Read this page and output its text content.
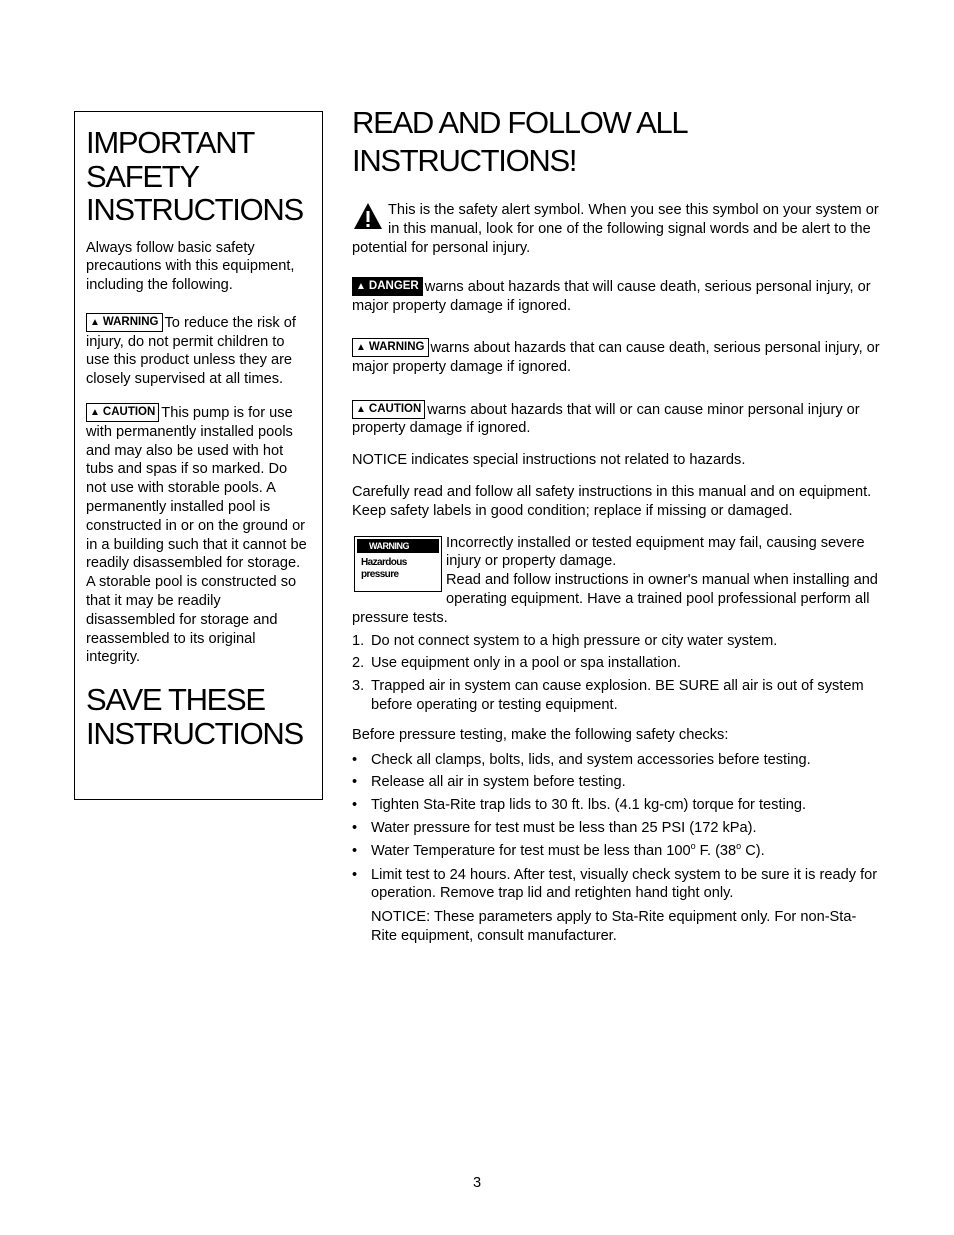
IMPORTANT
SAFETY
INSTRUCTIONS

Always follow basic safety precautions with this equipment, including the following.

▲ WARNING To reduce the risk of injury, do not permit children to use this product unless they are closely supervised at all times.

▲ CAUTION This pump is for use with permanently installed pools and may also be used with hot tubs and spas if so marked. Do not use with storable pools. A permanently installed pool is constructed in or on the ground or in a building such that it cannot be readily disassembled for storage. A storable pool is constructed so that it may be readily disassembled for storage and reassembled to its original integrity.

SAVE THESE
INSTRUCTIONS
READ AND FOLLOW ALL
INSTRUCTIONS!

This is the safety alert symbol. When you see this symbol on your system or in this manual, look for one of the following signal words and be alert to the potential for personal injury.

▲ DANGER warns about hazards that will cause death, serious personal injury, or major property damage if ignored.

▲ WARNING warns about hazards that can cause death, serious personal injury, or major property damage if ignored.

▲ CAUTION warns about hazards that will or can cause minor personal injury or property damage if ignored.

NOTICE indicates special instructions not related to hazards.

Carefully read and follow all safety instructions in this manual and on equipment. Keep safety labels in good condition; replace if missing or damaged.

WARNING
Hazardous pressure

Incorrectly installed or tested equipment may fail, causing severe injury or property damage.
Read and follow instructions in owner's manual when installing and operating equipment. Have a trained pool professional perform all pressure tests.

1. Do not connect system to a high pressure or city water system.
2. Use equipment only in a pool or spa installation.
3. Trapped air in system can cause explosion. BE SURE all air is out of system before operating or testing equipment.

Before pressure testing, make the following safety checks:

• Check all clamps, bolts, lids, and system accessories before testing.
• Release all air in system before testing.
• Tighten Sta-Rite trap lids to 30 ft. lbs. (4.1 kg-cm) torque for testing.
• Water pressure for test must be less than 25 PSI (172 kPa).
• Water Temperature for test must be less than 100$^o$ F. (38$^o$ C).
• Limit test to 24 hours. After test, visually check system to be sure it is ready for operation. Remove trap lid and retighten hand tight only.

NOTICE: These parameters apply to Sta-Rite equipment only. For non-Sta-Rite equipment, consult manufacturer.

3
